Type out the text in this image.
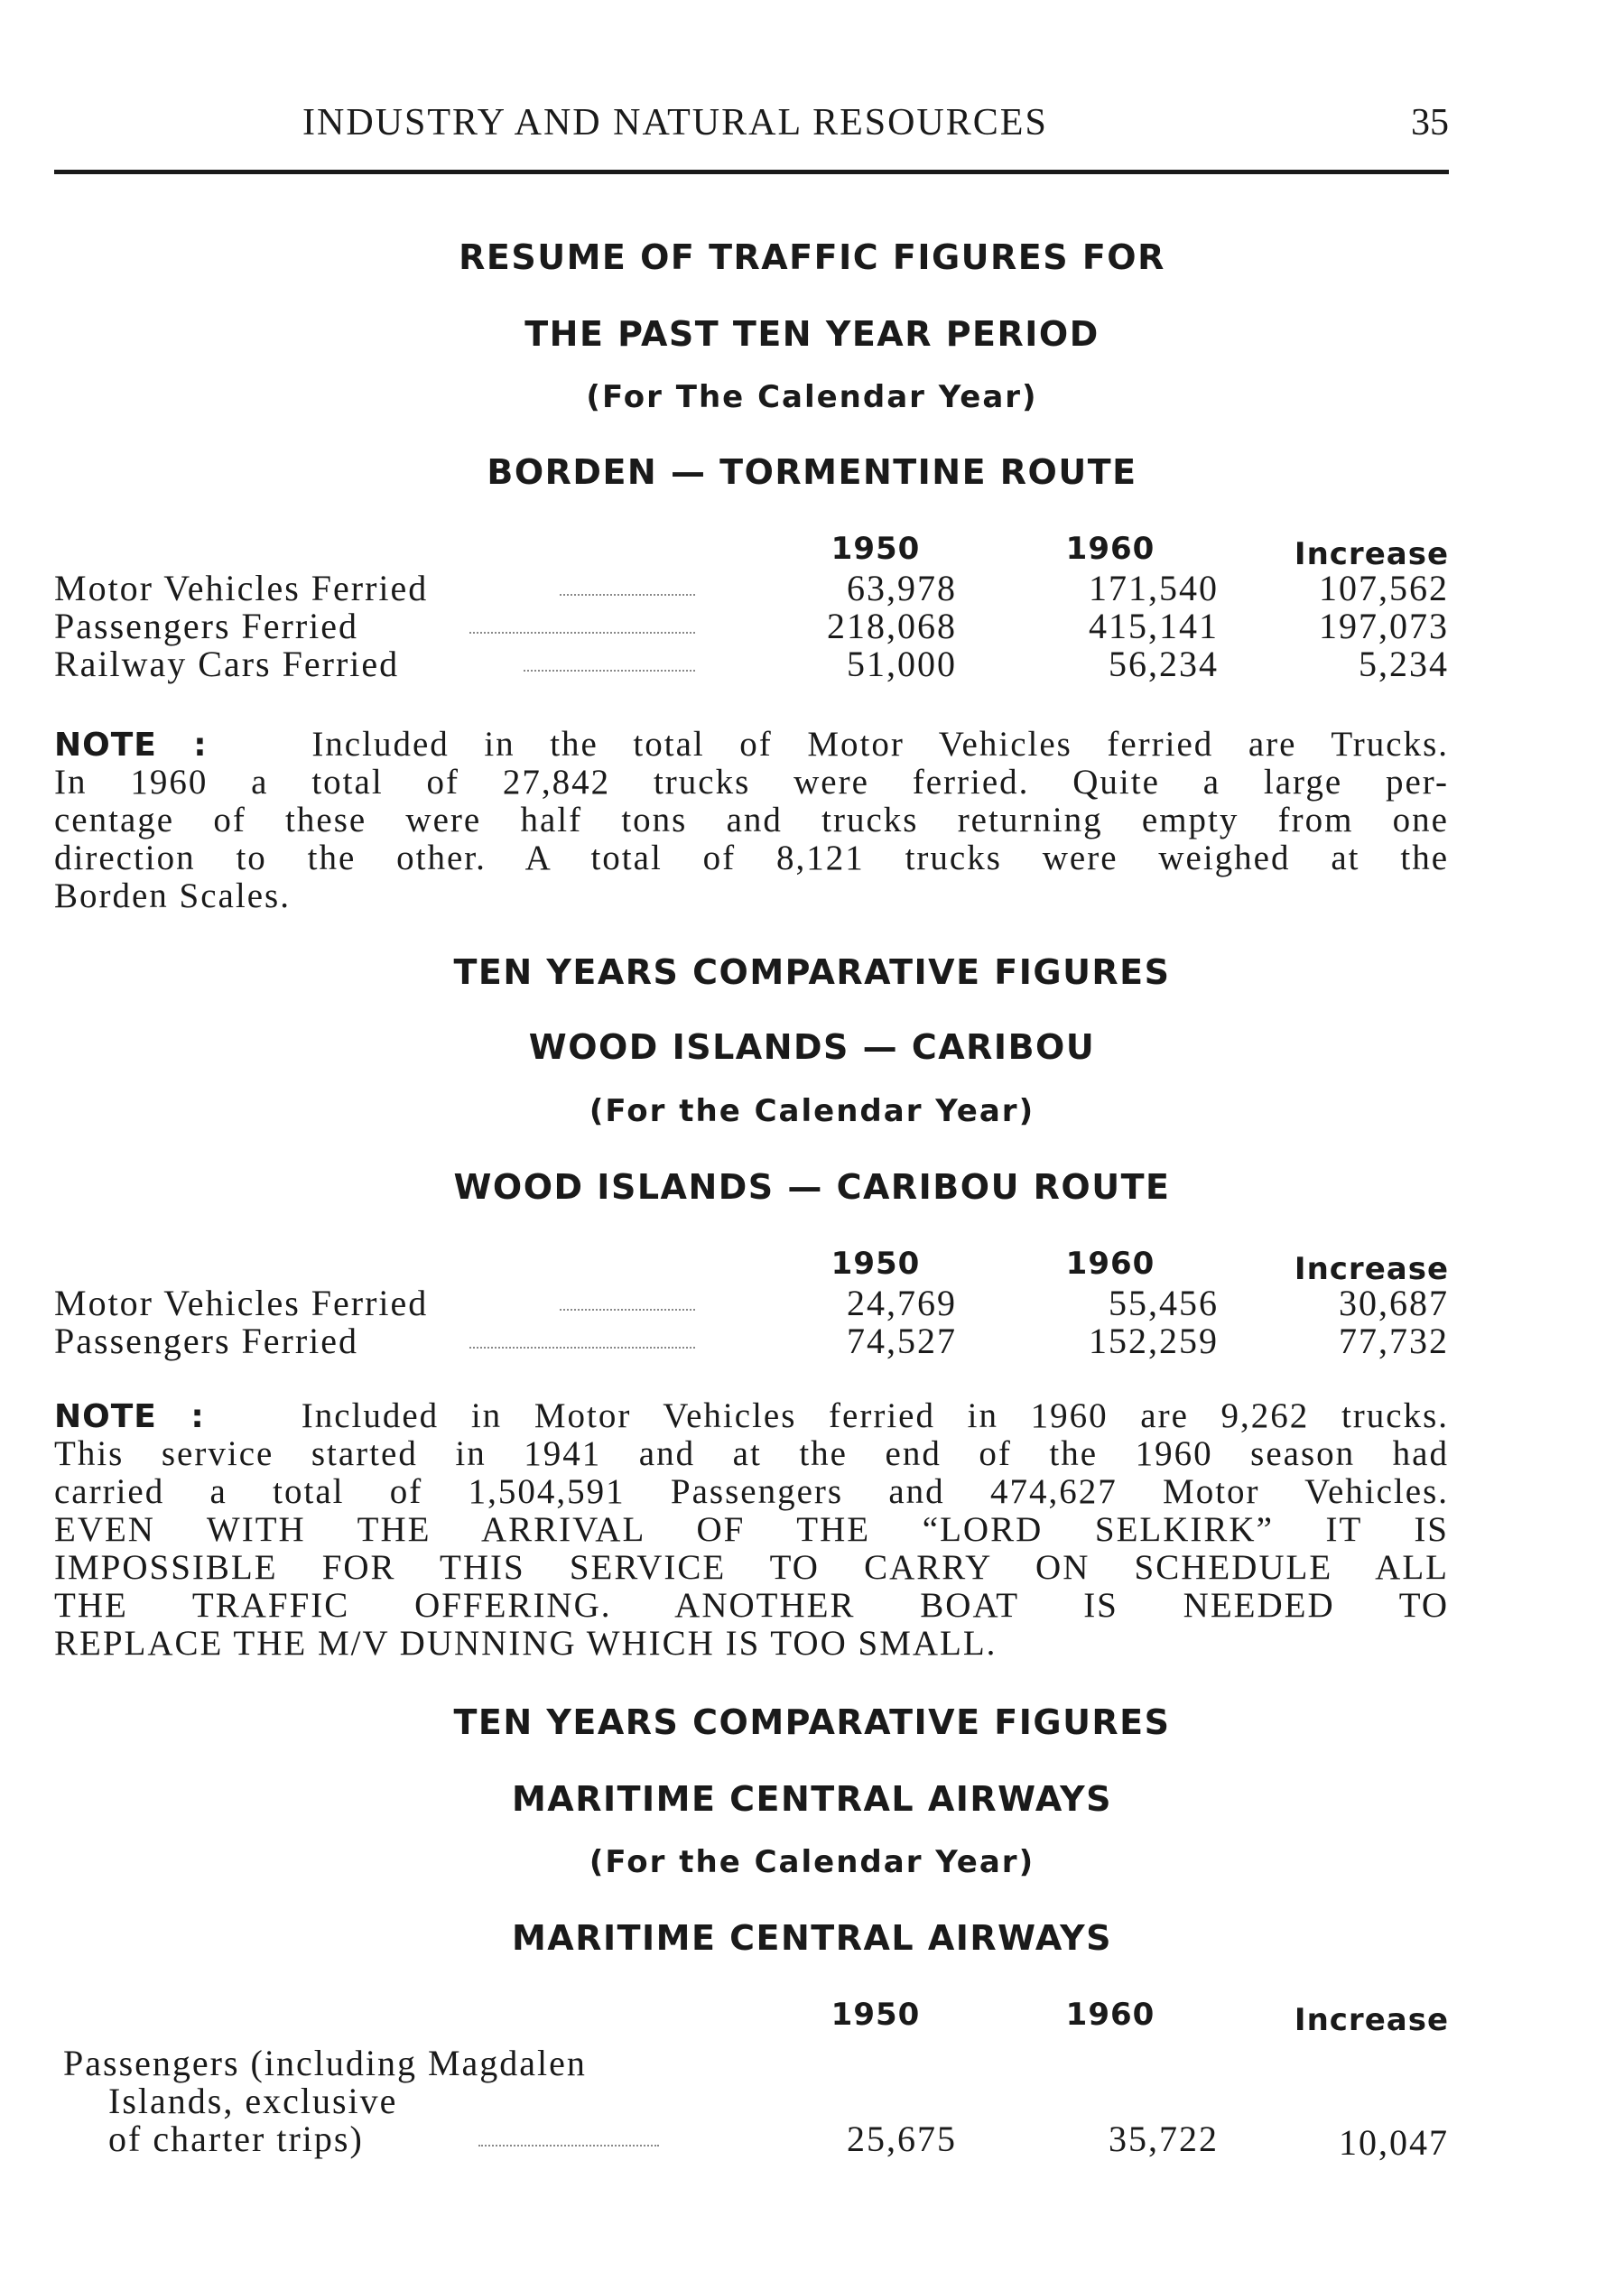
INDUSTRY AND NATURAL RESOURCES	35
RESUME OF TRAFFIC FIGURES FOR
THE PAST TEN YEAR PERIOD
(For The Calendar Year)
BORDEN — TORMENTINE ROUTE
1950	1960	Increase
Motor Vehicles Ferried	63,978	171,540	107,562
Passengers Ferried	218,068	415,141	197,073
Railway Cars Ferried	51,000	56,234	5,234
NOTE :	Included in the total of Motor Vehicles ferried are Trucks.
In 1960 a total of 27,842 trucks were ferried. Quite a large per-
centage of these were half tons and trucks returning empty from one
direction to the other. A total of 8,121 trucks were weighed at the
Borden Scales.
TEN YEARS COMPARATIVE FIGURES
WOOD ISLANDS — CARIBOU
(For the Calendar Year)
WOOD ISLANDS — CARIBOU ROUTE
1950	1960	Increase
Motor Vehicles Ferried	24,769	55,456	30,687
Passengers Ferried	74,527	152,259	77,732
NOTE :	Included in Motor Vehicles ferried in 1960 are 9,262 trucks.
This service started in 1941 and at the end of the 1960 season had
carried a total of 1,504,591 Passengers and 474,627 Motor Vehicles.
EVEN WITH THE ARRIVAL OF THE “LORD SELKIRK” IT IS
IMPOSSIBLE FOR THIS SERVICE TO CARRY ON SCHEDULE ALL
THE TRAFFIC OFFERING. ANOTHER BOAT IS NEEDED TO
REPLACE THE M/V DUNNING WHICH IS TOO SMALL.
TEN YEARS COMPARATIVE FIGURES
MARITIME CENTRAL AIRWAYS
(For the Calendar Year)
MARITIME CENTRAL AIRWAYS
1950	1960	Increase
Passengers (including Magdalen
Islands, exclusive
of charter trips)	25,675	35,722	10,047
